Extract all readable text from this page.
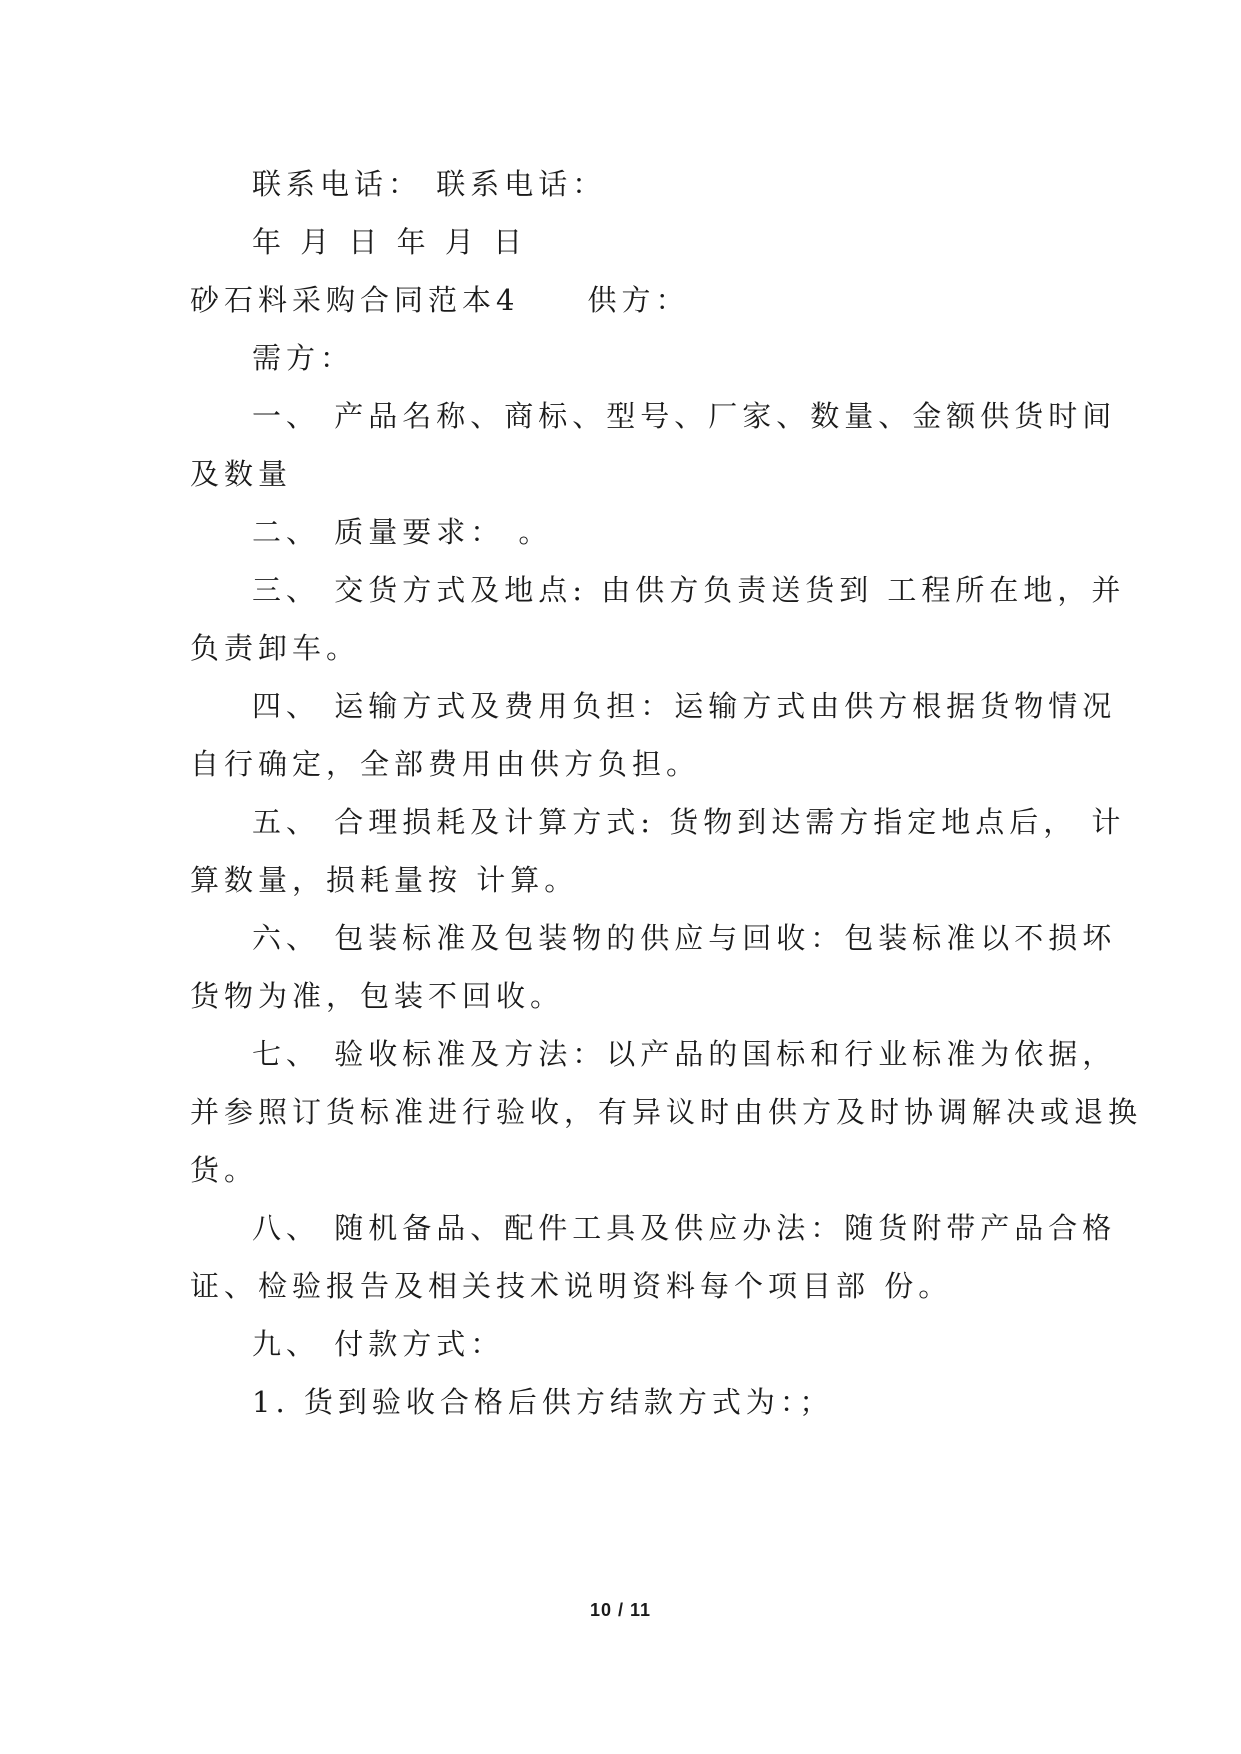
联系电话： 联系电话：
年 月 日 年 月 日
砂石料采购合同范本4 供方：
需方：
一、 产品名称、商标、型号、厂家、数量、金额供货时间
及数量
二、 质量要求： 。
三、 交货方式及地点: 由供方负责送货到 工程所在地，并
负责卸车。
四、 运输方式及费用负担：运输方式由供方根据货物情况
自行确定，全部费用由供方负担。
五、 合理损耗及计算方式: 货物到达需方指定地点后， 计
算数量，损耗量按 计算。
六、 包装标准及包装物的供应与回收：包装标准以不损坏
货物为准，包装不回收。
七、 验收标准及方法：以产品的国标和行业标准为依据，
并参照订货标准进行验收，有异议时由供方及时协调解决或退换
货。
八、 随机备品、配件工具及供应办法：随货附带产品合格
证、检验报告及相关技术说明资料每个项目部 份。
九、 付款方式：
1. 货到验收合格后供方结款方式为：；
10 / 11
